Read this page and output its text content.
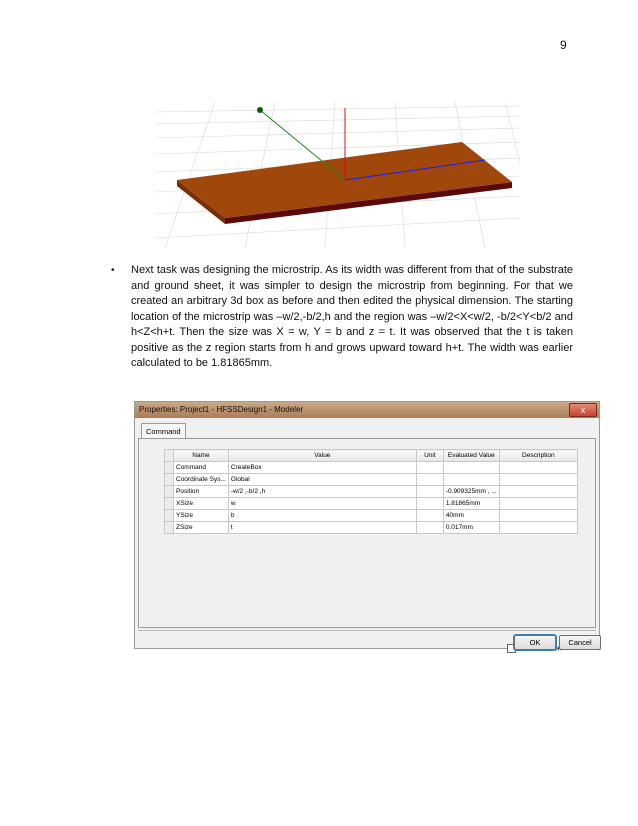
9
• Next task was designing the microstrip. As its width was different from that of the substrate and ground sheet, it was simpler to design the microstrip from beginning. For that we created an arbitrary 3d box as before and then edited the physical dimension. The starting location of the microstrip was –w/2,-b/2,h and the region was –w/2<X<w/2, -b/2<Y<b/2 and h<Z<h+t. Then the size was X = w, Y = b and z = t. It was observed that the t is taken positive as the z region starts from h and grows upward toward h+t. The width was earlier calculated to be 1.81865mm.

Properties: Project1 - HFSSDesign1 - Modeler	x
Command
	Name	Value	Unit	Evaluated Value	Description
	Command	CreateBox			
	Coordinate Sys...	Global			
	Position	-w/2 ,-b/2 ,h		-0.909325mm , ...	
	XSize	w		1.81865mm	
	YSize	b		40mm	
	ZSize	t		0.017mm	
OK	Cancel
